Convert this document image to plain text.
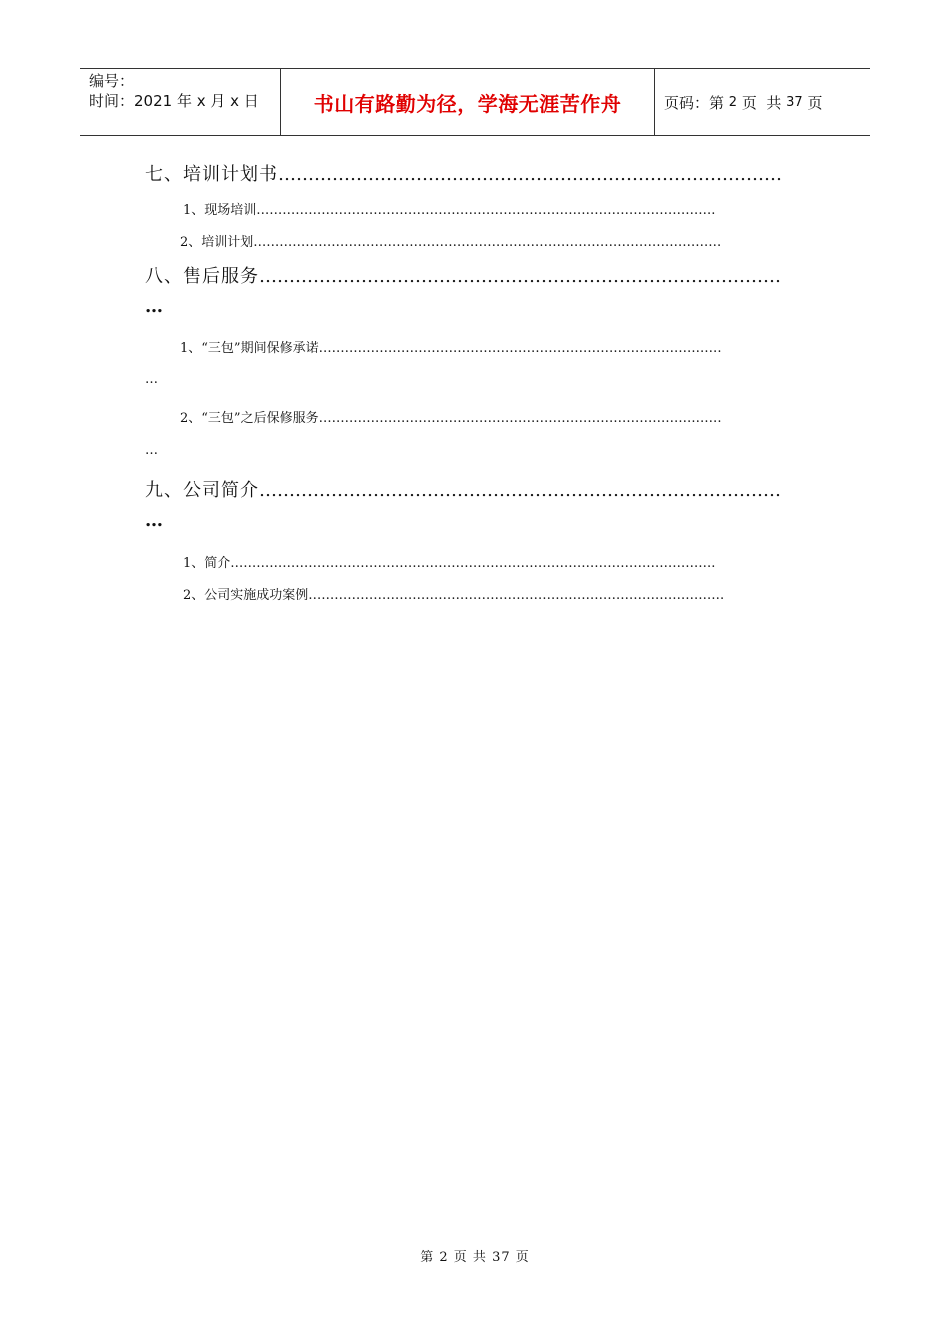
编号：
时间：2021 年 x 月 x 日	书山有路勤为径，学海无涯苦作舟	页码：第 2 页  共 37 页
七、培训计划书…………………………………………………………………………
1、现场培训…………………………………………………………………………………………….
2、培训计划………………………………………………………………………………………………
八、售后服务……………………………………………………………………………
…
1、“三包”期间保修承诺…………………………………………………………………………………
…
2、“三包”之后保修服务…………………………………………………………………………………
…
九、公司简介……………………………………………………………………………
…
1、简介………………………………………………………………………………………………….
2、公司实施成功案例……………………………………………………………………………………
第 2 页 共 37 页
